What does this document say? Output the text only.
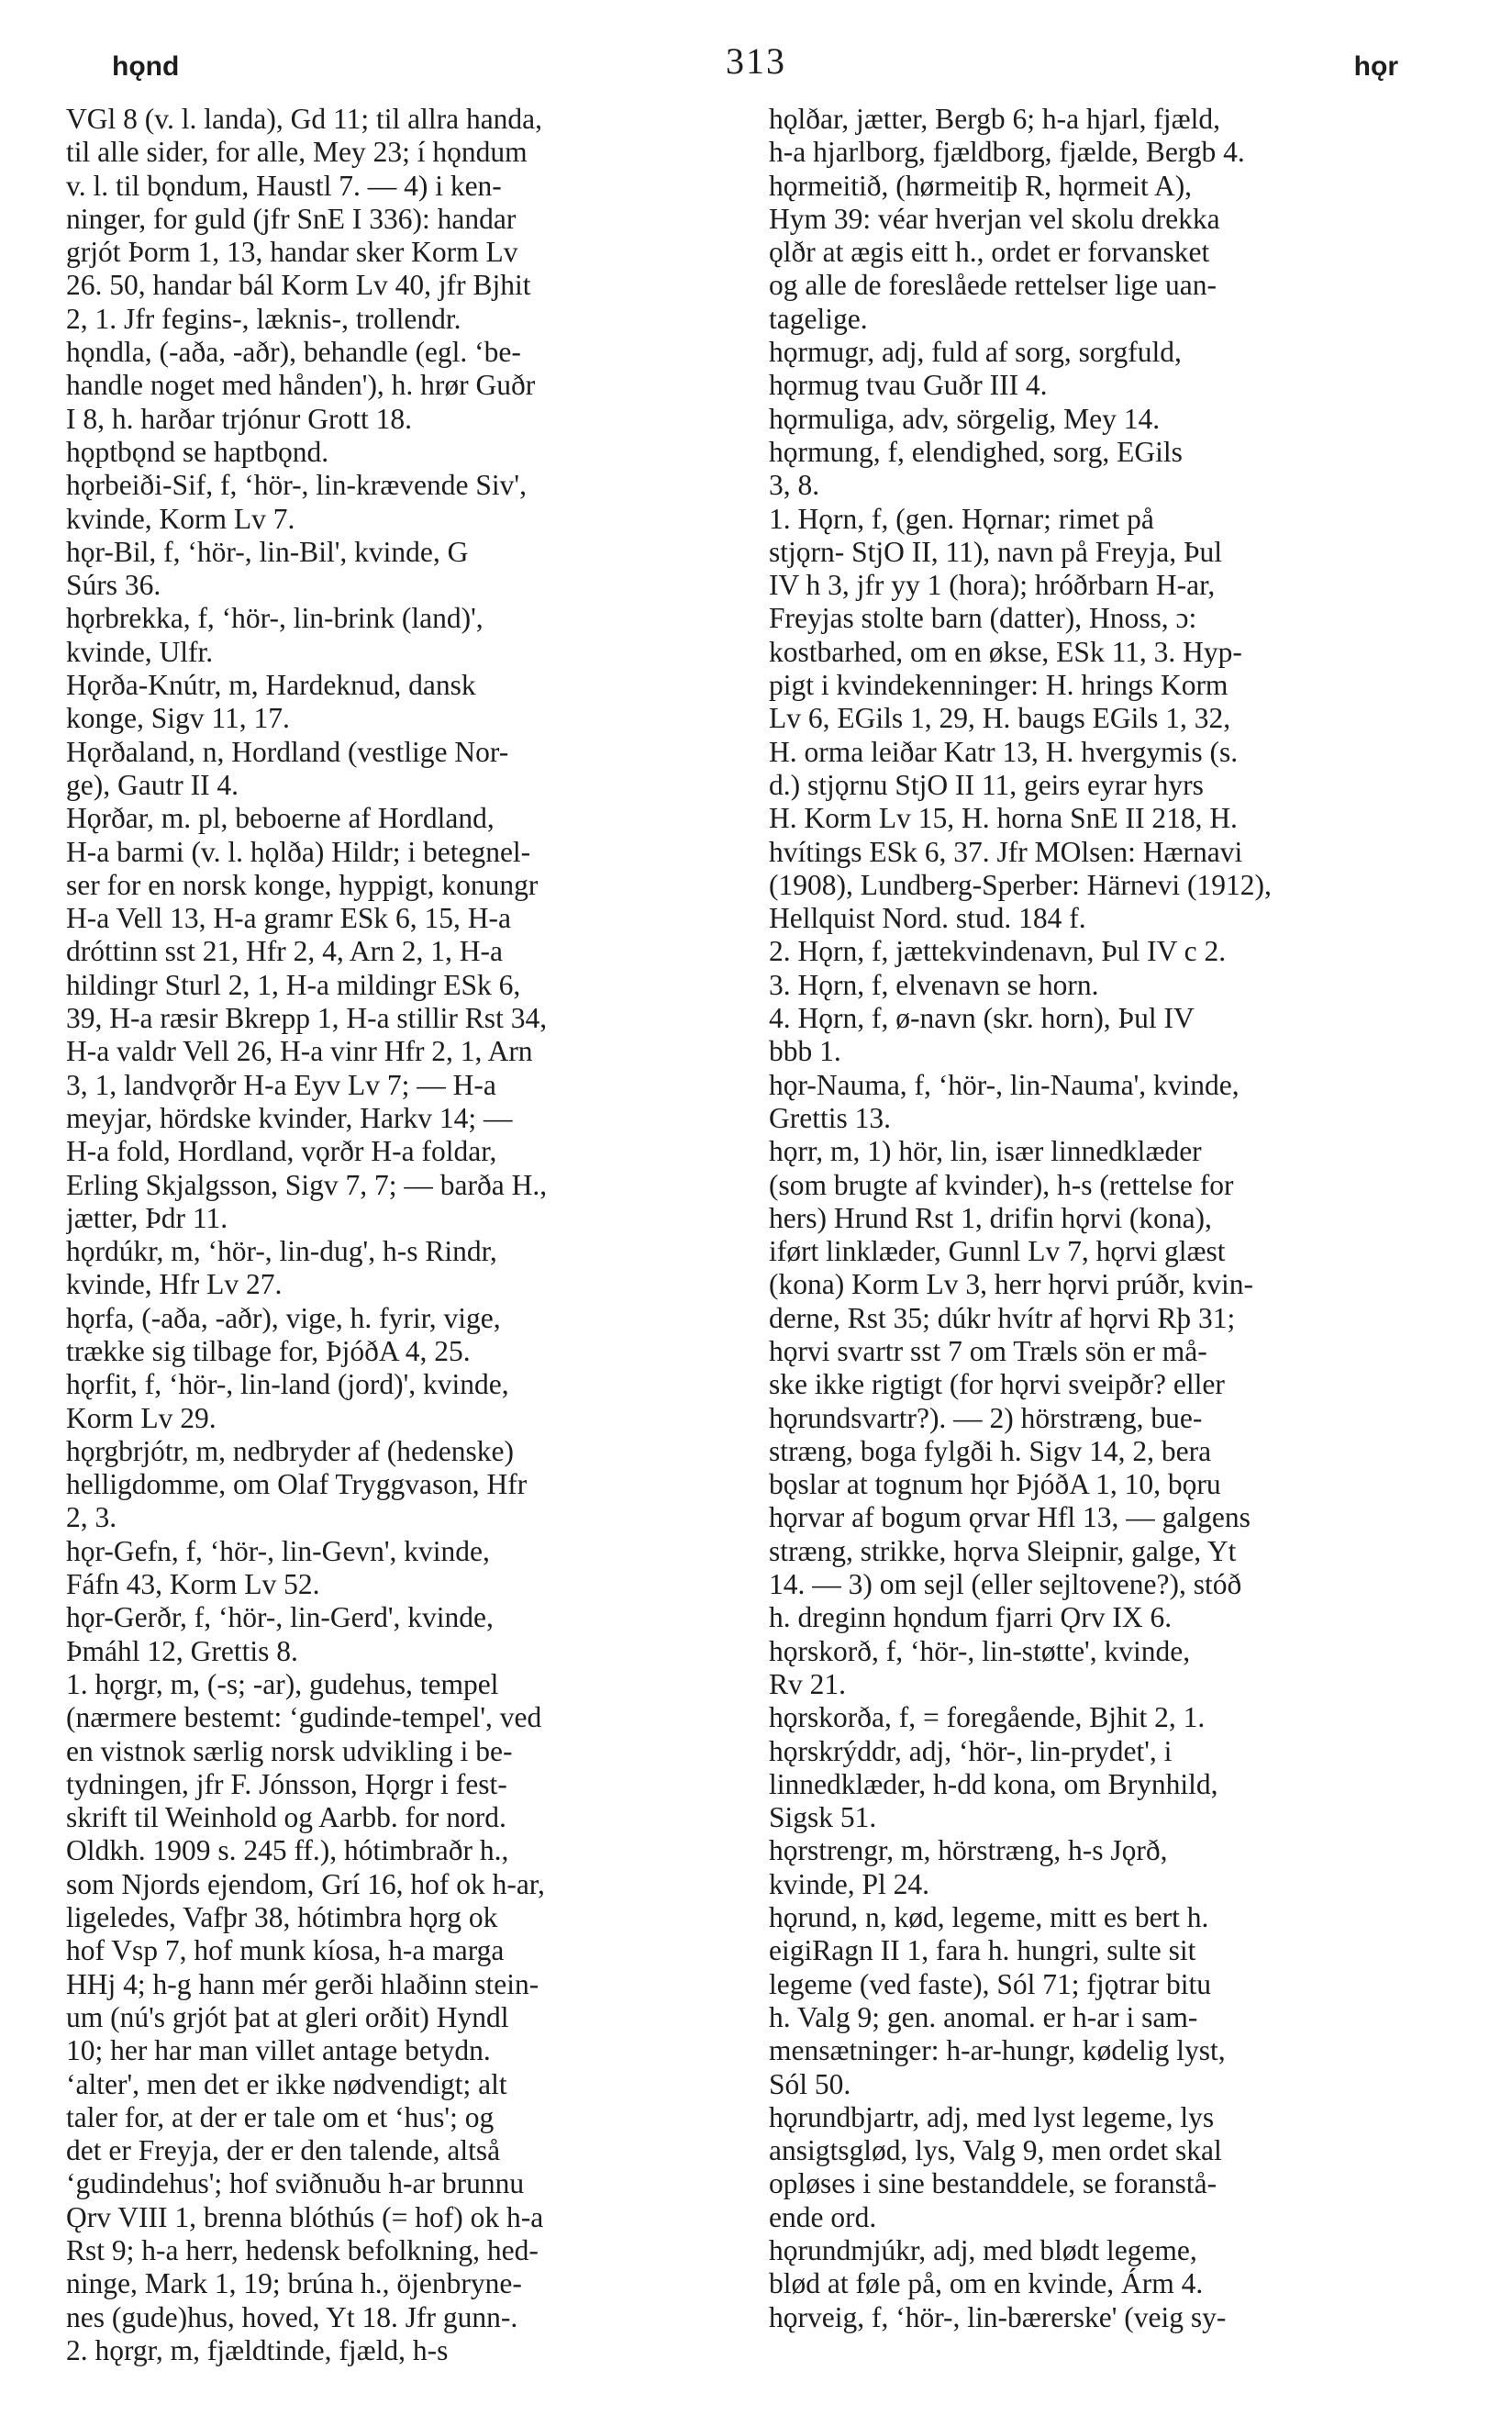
hǫnd	313	hǫr
VGl 8 (v. l. landa), Gd 11; til allra handa,
til alle sider, for alle, Mey 23; í hǫndum
v. l. til bǫndum, Haustl 7. — 4) i ken-
ninger, for guld (jfr SnE I 336): handar
grjót Þorm 1, 13, handar sker Korm Lv
26. 50, handar bál Korm Lv 40, jfr Bjhit
2, 1. Jfr fegins-, læknis-, trollendr.
hǫndla, (-aða, -aðr), behandle (egl. ʻbe-
handle noget med hånden'), h. hrør Guðr
I 8, h. harðar trjónur Grott 18.
hǫptbǫnd se haptbǫnd.
hǫrbeiði-Sif, f, ʻhör-, lin-krævende Siv',
kvinde, Korm Lv 7.
hǫr-Bil, f, ʻhör-, lin-Bil', kvinde, G
Súrs 36.
hǫrbrekka, f, ʻhör-, lin-brink (land)',
kvinde, Ulfr.
Hǫrða-Knútr, m, Hardeknud, dansk
konge, Sigv 11, 17.
Hǫrðaland, n, Hordland (vestlige Nor-
ge), Gautr II 4.
Hǫrðar, m. pl, beboerne af Hordland,
H-a barmi (v. l. hǫlða) Hildr; i betegnel-
ser for en norsk konge, hyppigt, konungr
H-a Vell 13, H-a gramr ESk 6, 15, H-a
dróttinn sst 21, Hfr 2, 4, Arn 2, 1, H-a
hildingr Sturl 2, 1, H-a mildingr ESk 6,
39, H-a ræsir Bkrepp 1, H-a stillir Rst 34,
H-a valdr Vell 26, H-a vinr Hfr 2, 1, Arn
3, 1, landvǫrðr H-a Eyv Lv 7; — H-a
meyjar, hördske kvinder, Harkv 14; —
H-a fold, Hordland, vǫrðr H-a foldar,
Erling Skjalgsson, Sigv 7, 7; — barða H.,
jætter, Þdr 11.
hǫrdúkr, m, ʻhör-, lin-dug', h-s Rindr,
kvinde, Hfr Lv 27.
hǫrfa, (-aða, -aðr), vige, h. fyrir, vige,
trække sig tilbage for, ÞjóðA 4, 25.
hǫrfit, f, ʻhör-, lin-land (jord)', kvinde,
Korm Lv 29.
hǫrgbrjótr, m, nedbryder af (hedenske)
helligdomme, om Olaf Tryggvason, Hfr
2, 3.
hǫr-Gefn, f, ʻhör-, lin-Gevn', kvinde,
Fáfn 43, Korm Lv 52.
hǫr-Gerðr, f, ʻhör-, lin-Gerd', kvinde,
Þmáhl 12, Grettis 8.
1. hǫrgr, m, (-s; -ar), gudehus, tempel
(nærmere bestemt: ʻgudinde-tempel', ved
en vistnok særlig norsk udvikling i be-
tydningen, jfr F. Jónsson, Hǫrgr i fest-
skrift til Weinhold og Aarbb. for nord.
Oldkh. 1909 s. 245 ff.), hótimbraðr h.,
som Njords ejendom, Grí 16, hof ok h-ar,
ligeledes, Vafþr 38, hótimbra hǫrg ok
hof Vsp 7, hof munk kíosa, h-a marga
HHj 4; h-g hann mér gerði hlaðinn stein-
um (nú's grjót þat at gleri orðit) Hyndl
10; her har man villet antage betydn.
ʻalter', men det er ikke nødvendigt; alt
taler for, at der er tale om et ʻhus'; og
det er Freyja, der er den talende, altså
ʻgudindehus'; hof sviðnuðu h-ar brunnu
Ǫrv VIII 1, brenna blóthús (= hof) ok h-a
Rst 9; h-a herr, hedensk befolkning, hed-
ninge, Mark 1, 19; brúna h., öjenbryne-
nes (gude)hus, hoved, Yt 18. Jfr gunn-.
2. hǫrgr, m, fjældtinde, fjæld, h-s
hǫlðar, jætter, Bergb 6; h-a hjarl, fjæld,
h-a hjarlborg, fjældborg, fjælde, Bergb 4.
hǫrmeitið, (hørmeitiþ R, hǫrmeit A),
Hym 39: véar hverjan vel skolu drekka
ǫlðr at ægis eitt h., ordet er forvansket
og alle de foreslåede rettelser lige uan-
tagelige.
hǫrmugr, adj, fuld af sorg, sorgfuld,
hǫrmug tvau Guðr III 4.
hǫrmuliga, adv, sörgelig, Mey 14.
hǫrmung, f, elendighed, sorg, EGils
3, 8.
1. Hǫrn, f, (gen. Hǫrnar; rimet på
stjǫrn- StjO II, 11), navn på Freyja, Þul
IV h 3, jfr yy 1 (hora); hróðrbarn H-ar,
Freyjas stolte barn (datter), Hnoss, ɔ:
kostbarhed, om en økse, ESk 11, 3. Hyp-
pigt i kvindekenninger: H. hrings Korm
Lv 6, EGils 1, 29, H. baugs EGils 1, 32,
H. orma leiðar Katr 13, H. hvergymis (s.
d.) stjǫrnu StjO II 11, geirs eyrar hyrs
H. Korm Lv 15, H. horna SnE II 218, H.
hvítings ESk 6, 37. Jfr MOlsen: Hærnavi
(1908), Lundberg-Sperber: Härnevi (1912),
Hellquist Nord. stud. 184 f.
2. Hǫrn, f, jættekvindenavn, Þul IV c 2.
3. Hǫrn, f, elvenavn se horn.
4. Hǫrn, f, ø-navn (skr. horn), Þul IV
bbb 1.
hǫr-Nauma, f, ʻhör-, lin-Nauma', kvinde,
Grettis 13.
hǫrr, m, 1) hör, lin, især linnedklæder
(som brugte af kvinder), h-s (rettelse for
hers) Hrund Rst 1, drifin hǫrvi (kona),
iført linklæder, Gunnl Lv 7, hǫrvi glæst
(kona) Korm Lv 3, herr hǫrvi prúðr, kvin-
derne, Rst 35; dúkr hvítr af hǫrvi Rþ 31;
hǫrvi svartr sst 7 om Træls sön er må-
ske ikke rigtigt (for hǫrvi sveipðr? eller
hǫrundsvartr?). — 2) hörstræng, bue-
stræng, boga fylgði h. Sigv 14, 2, bera
bǫslar at tognum hǫr ÞjóðA 1, 10, bǫru
hǫrvar af bogum ǫrvar Hfl 13, — galgens
stræng, strikke, hǫrva Sleipnir, galge, Yt
14. — 3) om sejl (eller sejltovene?), stóð
h. dreginn hǫndum fjarri Ǫrv IX 6.
hǫrskorð, f, ʻhör-, lin-støtte', kvinde,
Rv 21.
hǫrskorða, f, = foregående, Bjhit 2, 1.
hǫrskrýddr, adj, ʻhör-, lin-prydet', i
linnedklæder, h-dd kona, om Brynhild,
Sigsk 51.
hǫrstrengr, m, hörstræng, h-s Jǫrð,
kvinde, Pl 24.
hǫrund, n, kød, legeme, mitt es bert h.
eigiRagn II 1, fara h. hungri, sulte sit
legeme (ved faste), Sól 71; fjǫtrar bitu
h. Valg 9; gen. anomal. er h-ar i sam-
mensætninger: h-ar-hungr, kødelig lyst,
Sól 50.
hǫrundbjartr, adj, med lyst legeme, lys
ansigtsglød, lys, Valg 9, men ordet skal
opløses i sine bestanddele, se foranstå-
ende ord.
hǫrundmjúkr, adj, med blødt legeme,
blød at føle på, om en kvinde, Árm 4.
hǫrveig, f, ʻhör-, lin-bærerske' (veig sy-
